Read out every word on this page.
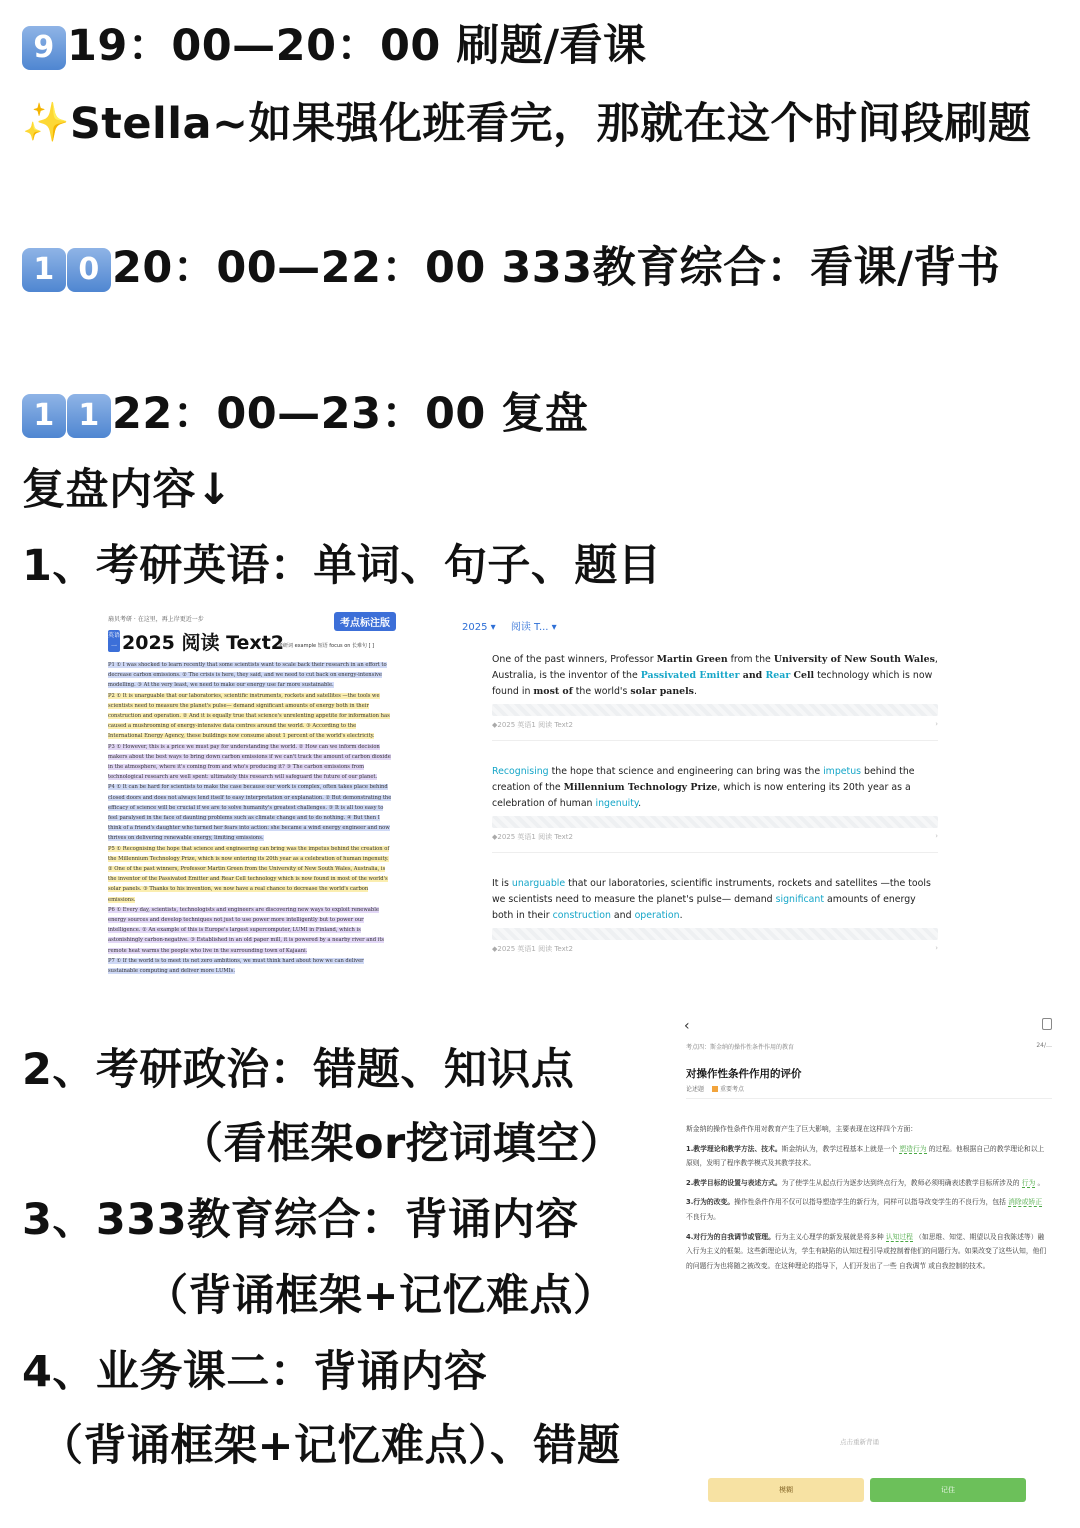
9 19：00—20：00 刷题/看课
✨Stella~如果强化班看完，那就在这个时间段刷题
1 0 20：00—22：00 333教育综合：看课/背书
1 1 22：00—23：00 复盘
复盘内容↓
1、考研英语：单词、句子、题目
2、考研政治：错题、知识点
（看框架or挖词填空）
3、333教育综合：背诵内容
（背诵框架+记忆难点）
4、业务课二：背诵内容
（背诵框架+记忆难点）、错题
扇贝考研 · 在这里，再上岸更近一步	考点标注版
英语一 2025 阅读 Text2
考研词 example 短语 focus on 长难句 [ ]
P1 ① I was shocked to learn recently that some scientists want to scale back their research in an effort to decrease carbon emissions. ② The crisis is here, they said, and we need to cut back on energy-intensive modelling. ③ At the very least, we need to make our energy use far more sustainable.
P2 ① It is unarguable that our laboratories, scientific instruments, rockets and satellites —the tools we scientists need to measure the planet's pulse— demand significant amounts of energy both in their construction and operation. ② And it is equally true that science's unrelenting appetite for information has caused a mushrooming of energy-intensive data centres around the world. ③ According to the International Energy Agency, these buildings now consume about 1 percent of the world's electricity.
P3 ① However, this is a price we must pay for understanding the world. ② How can we inform decision makers about the best ways to bring down carbon emissions if we can't track the amount of carbon dioxide in the atmosphere, where it's coming from and who's producing it? ③ The carbon emissions from technological research are well spent: ultimately this research will safeguard the future of our planet.
P4 ① It can be hard for scientists to make the case because our work is complex, often takes place behind closed doors and does not always lend itself to easy interpretation or explanation. ② But demonstrating the efficacy of science will be crucial if we are to solve humanity's greatest challenges. ③ It is all too easy to feel paralysed in the face of daunting problems such as climate change and to do nothing. ④ But then I think of a friend's daughter who turned her fears into action: she became a wind energy engineer and now thrives on delivering renewable energy, limiting emissions.
P5 ① Recognising the hope that science and engineering can bring was the impetus behind the creation of the Millennium Technology Prize, which is now entering its 20th year as a celebration of human ingenuity. ② One of the past winners, Professor Martin Green from the University of New South Wales, Australia, is the inventor of the Passivated Emitter and Rear Cell technology which is now found in most of the world's solar panels. ③ Thanks to his invention, we now have a real chance to decrease the world's carbon emissions.
P6 ① Every day, scientists, technologists and engineers are discovering new ways to exploit renewable energy sources and develop techniques not just to use power more intelligently but to power our intelligence. ② An example of this is Europe's largest supercomputer, LUMI in Finland, which is astonishingly carbon-negative. ③ Established in an old paper mill, it is powered by a nearby river and its remote heat warms the people who live in the surrounding town of Kajaani.
P7 ① If the world is to meet its net zero ambitions, we must think hard about how we can deliver sustainable computing and deliver more LUMIs.
2025 ▾ 阅读 T... ▾
One of the past winners, Professor Martin Green from the University of New South Wales, Australia, is the inventor of the Passivated Emitter and Rear Cell technology which is now found in most of the world's solar panels.
◆2025 英语1 阅读 Text2	›
Recognising the hope that science and engineering can bring was the impetus behind the creation of the Millennium Technology Prize, which is now entering its 20th year as a celebration of human ingenuity.
◆2025 英语1 阅读 Text2	›
It is unarguable that our laboratories, scientific instruments, rockets and satellites —the tools we scientists need to measure the planet's pulse— demand significant amounts of energy both in their construction and operation.
◆2025 英语1 阅读 Text2	›
‹
考点四：斯金纳的操作性条件作用的教育	24/…
对操作性条件作用的评价
论述题	重要考点

斯金纳的操作性条件作用对教育产生了巨大影响，主要表现在这样四个方面：

1.教学理论和教学方法、技术。斯金纳认为，教学过程基本上就是一个 塑造行为 的过程。他根据自己的教学理论和以上原则，发明了程序教学模式及其教学技术。

2.教学目标的设置与表述方式。为了使学生从起点行为逐步达到终点行为，教师必须明确表述教学目标所涉及的 行为 。

3.行为的改变。操作性条件作用不仅可以指导塑造学生的新行为，同样可以指导改变学生的不良行为，包括 消除或矫正 不良行为。

4.对行为的自我调节或管理。行为主义心理学的新发展就是将多种 认知过程 （如思维、知觉、期望以及自我陈述等）融入行为主义的框架。这些新理论认为，学生有缺陷的认知过程引导或控制着他们的问题行为。如果改变了这些认知，他们的问题行为也将随之被改变。在这种理论的指导下，人们开发出了一些 自我调节 或自我控制的技术。

点击重新背诵
模糊	记住
